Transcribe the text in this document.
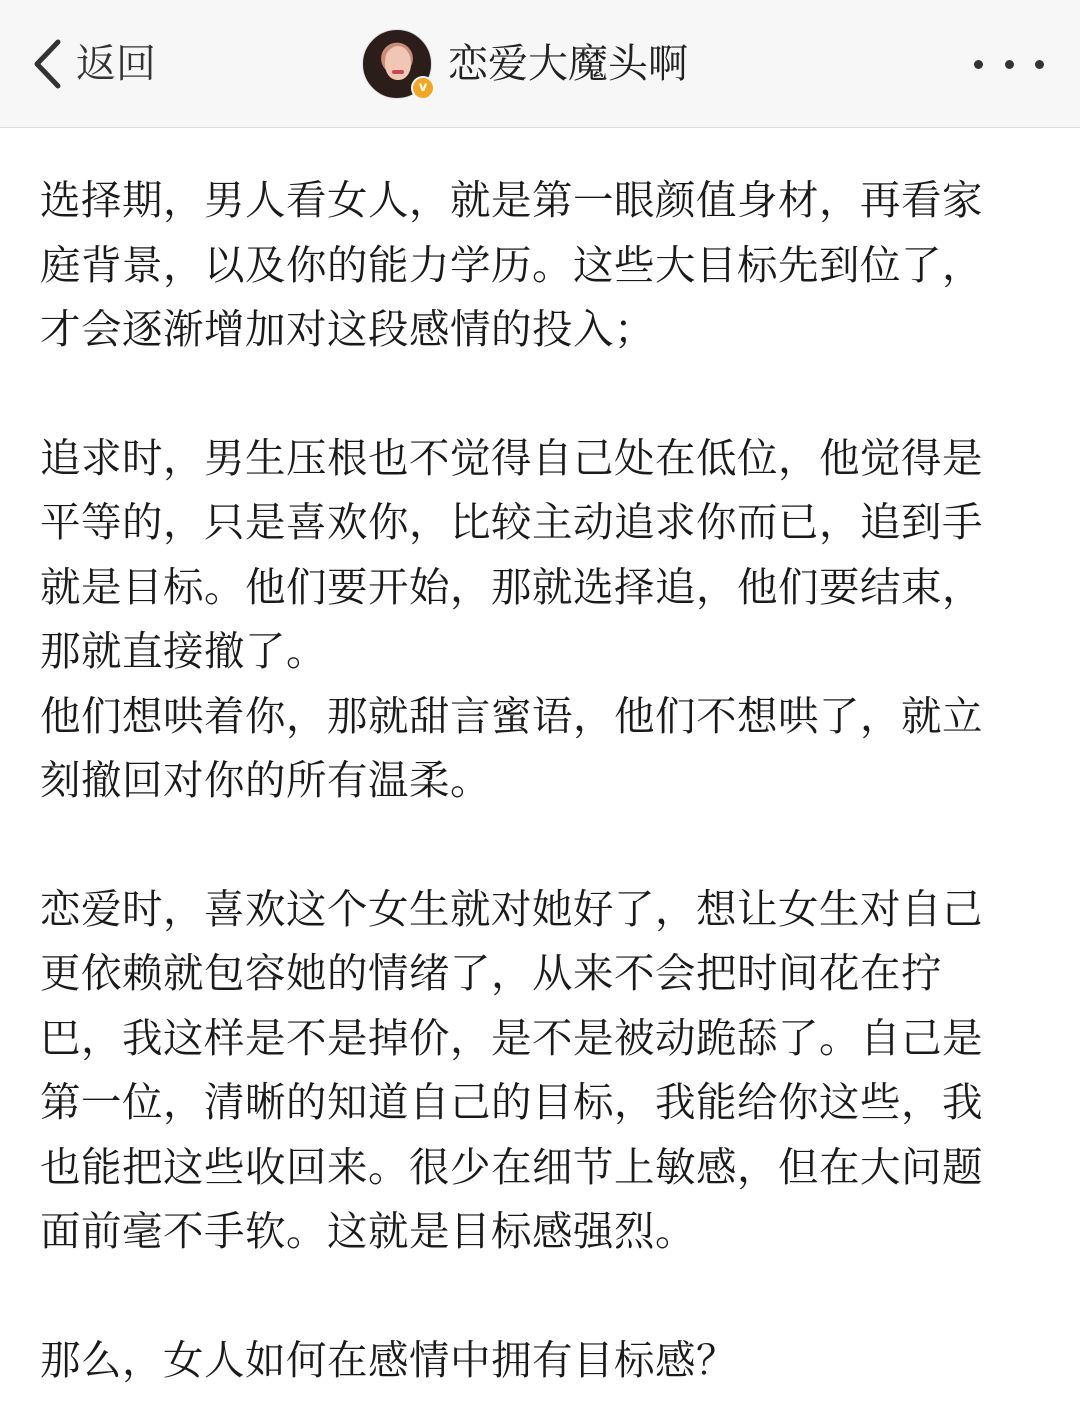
返回
v
恋爱大魔头啊

选择期，男人看女人，就是第一眼颜值身材，再看家庭背景，以及你的能力学历。这些大目标先到位了，才会逐渐增加对这段感情的投入；

追求时，男生压根也不觉得自己处在低位，他觉得是平等的，只是喜欢你，比较主动追求你而已，追到手就是目标。他们要开始，那就选择追，他们要结束，那就直接撤了。

他们想哄着你，那就甜言蜜语，他们不想哄了，就立刻撤回对你的所有温柔。

恋爱时，喜欢这个女生就对她好了，想让女生对自己更依赖就包容她的情绪了，从来不会把时间花在拧巴，我这样是不是掉价，是不是被动跪舔了。自己是第一位，清晰的知道自己的目标，我能给你这些，我也能把这些收回来。很少在细节上敏感，但在大问题面前毫不手软。这就是目标感强烈。

那么，女人如何在感情中拥有目标感？
